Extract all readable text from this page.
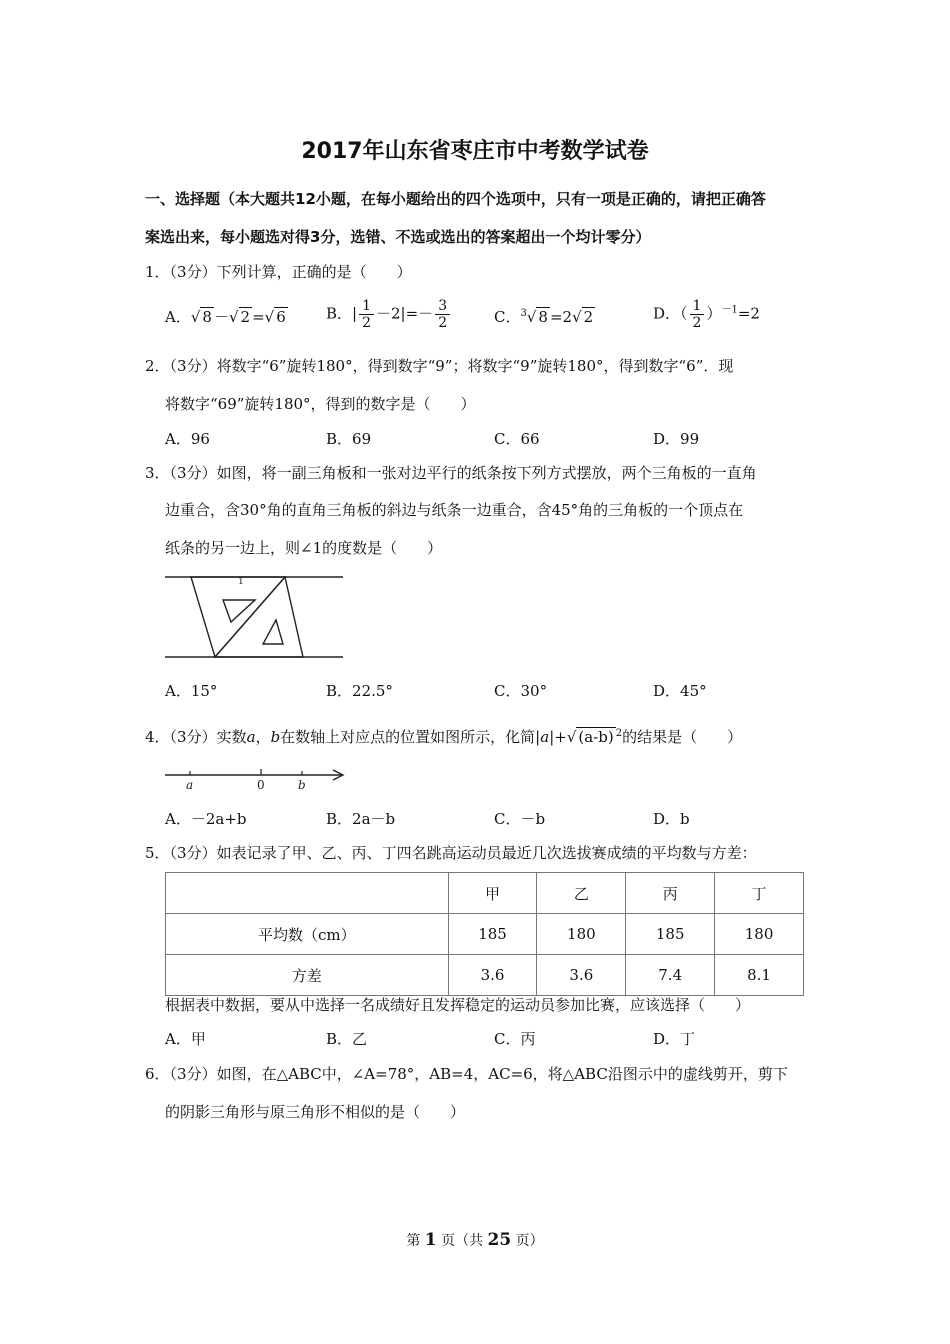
2017年山东省枣庄市中考数学试卷
一、选择题（本大题共12小题，在每小题给出的四个选项中，只有一项是正确的，请把正确答
案选出来，每小题选对得3分，选错、不选或选出的答案超出一个均计零分）
1．（3分）下列计算，正确的是（　　）
A．√ 8 －√ 2 =√ 6	B．| $\frac{1}{2} -2|=- \frac{3}{2}$	C．$^3$√ 8 =2√ 2	D．（ $\frac{1}{2} )^{-1}=2$
2．（3分）将数字“6”旋转180°，得到数字“9”；将数字“9”旋转180°，得到数字“6”．现
将数字“69”旋转180°，得到的数字是（　　）
A．96	B．69	C．66	D．99
3．（3分）如图，将一副三角板和一张对边平行的纸条按下列方式摆放，两个三角板的一直角
边重合，含30°角的直角三角板的斜边与纸条一边重合，含45°角的三角板的一个顶点在
纸条的另一边上，则∠1的度数是（　　）
1
A．15°	B．22.5°	C．30°	D．45°
4．（3分）实数a，b在数轴上对应点的位置如图所示，化简|a|+√ (a-b) $^2$的结果是（　　）
a	0	b
A．－2a+b	B．2a－b	C．－b	D．b
5．（3分）如表记录了甲、乙、丙、丁四名跳高运动员最近几次选拔赛成绩的平均数与方差：
	甲	乙	丙	丁
平均数（cm）	185	180	185	180
方差	3.6	3.6	7.4	8.1
根据表中数据，要从中选择一名成绩好且发挥稳定的运动员参加比赛，应该选择（　　）
A．甲	B．乙	C．丙	D．丁
6．（3分）如图，在△ABC中，∠A=78°，AB=4，AC=6，将△ABC沿图示中的虚线剪开，剪下
的阴影三角形与原三角形不相似的是（　　）
第 1 页（共 25 页）
